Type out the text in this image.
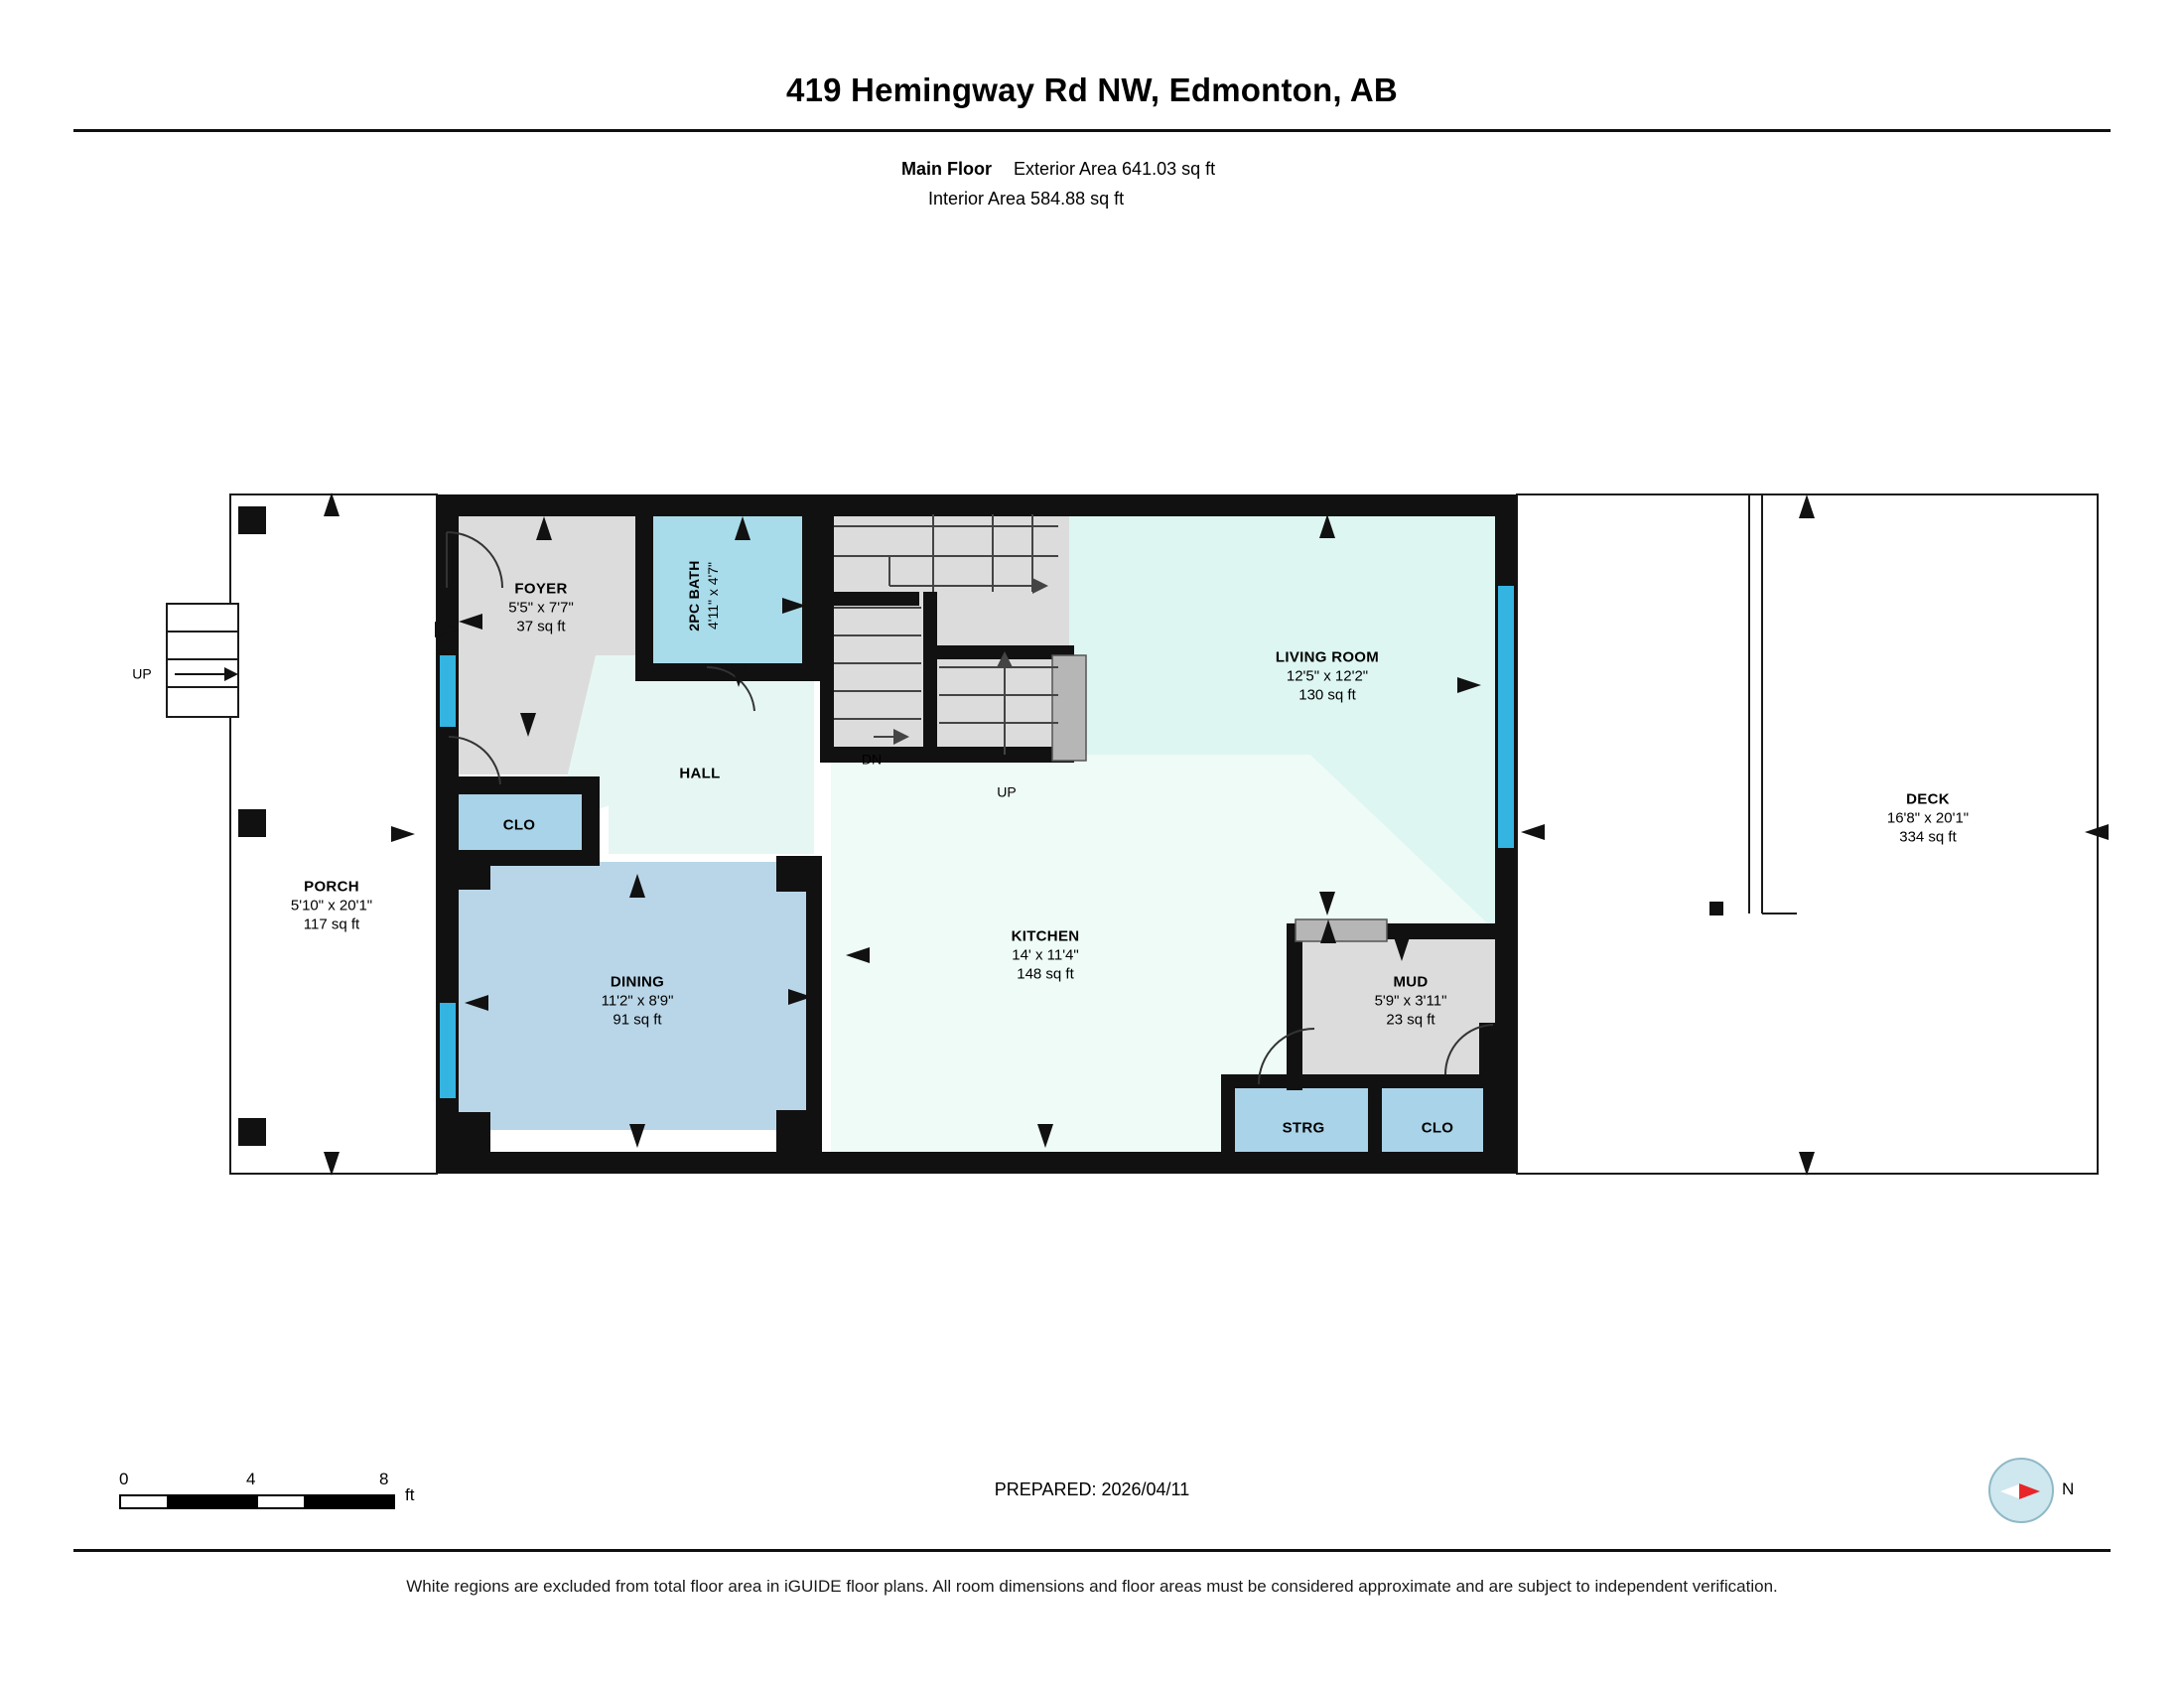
419 Hemingway Rd NW, Edmonton, AB
Main Floor	Exterior Area 641.03 sq ft
Interior Area 584.88 sq ft
FOYER
5'5" x 7'7"
37 sq ft	2PC BATH 4'11" x 4'7"
LIVING ROOM
12'5" x 12'2"
130 sq ft
HALL
CLO
PORCH
5'10" x 20'1"
117 sq ft
DECK
16'8" x 20'1"
334 sq ft
DINING
11'2" x 8'9"
91 sq ft
KITCHEN
14' x 11'4"
148 sq ft	MUD
5'9" x 3'11"
23 sq ft
STRG	CLO
UP
DN
UP
0	4	8
ft	PREPARED: 2026/04/11	N
White regions are excluded from total floor area in iGUIDE floor plans. All room dimensions and floor areas must be considered approximate and are subject to independent verification.
